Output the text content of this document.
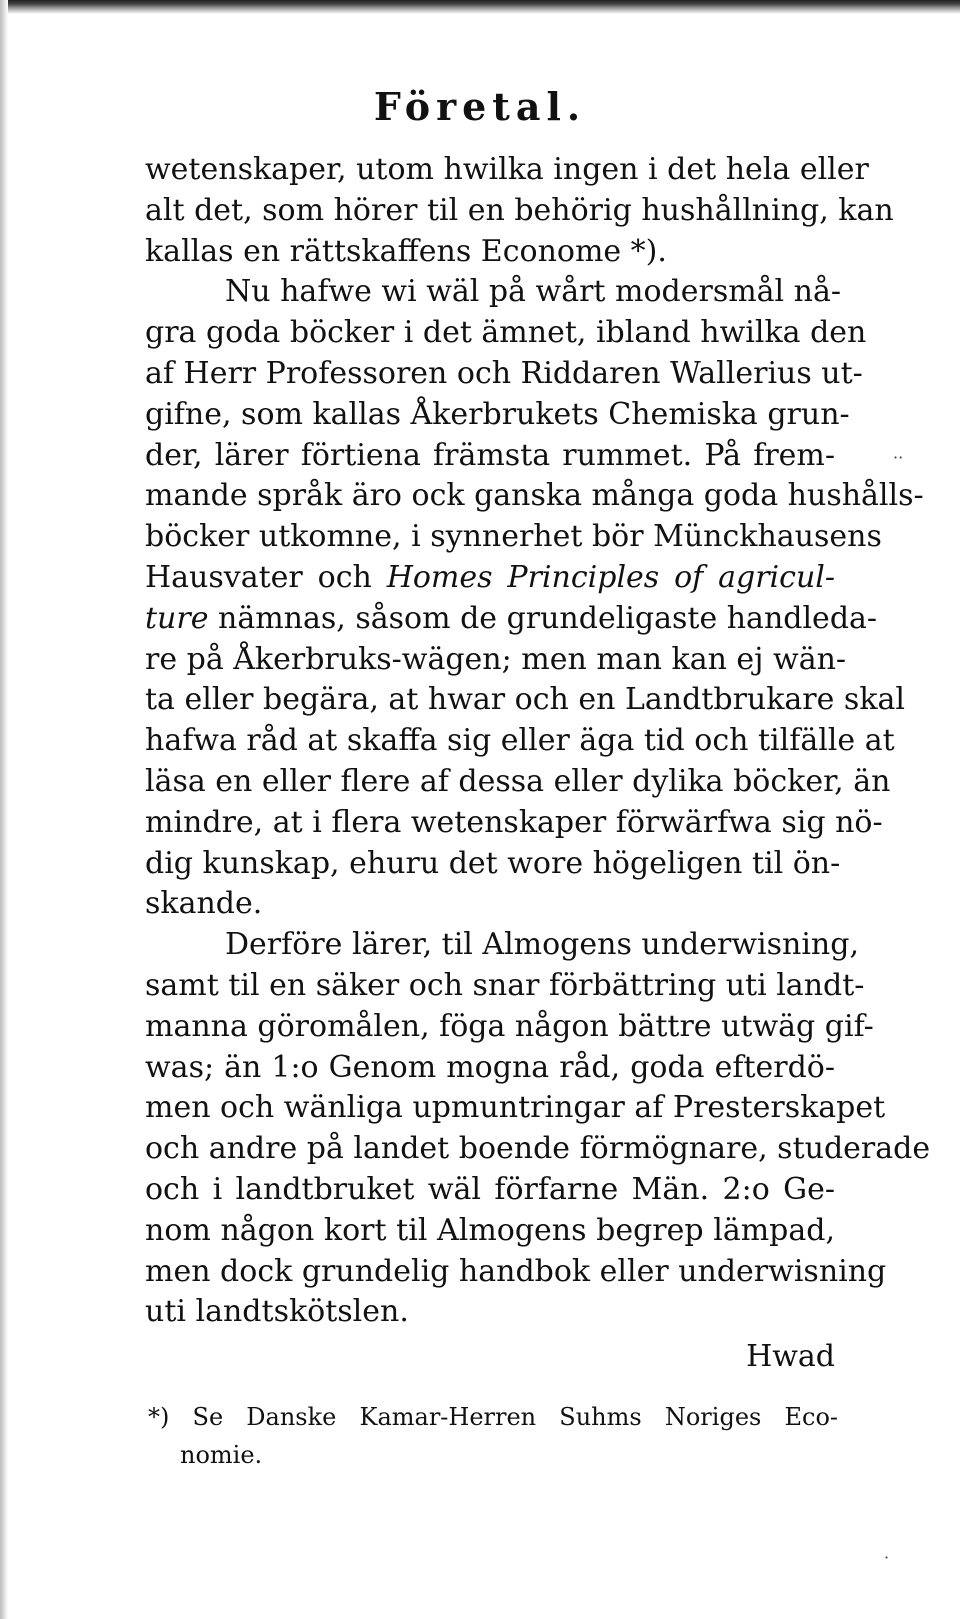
Företal.
wetenskaper, utom hwilka ingen i det hela eller
alt det, som hörer til en behörig hushållning, kan
kallas en rättskaffens Econome *).
Nu hafwe wi wäl på wårt modersmål nå-
gra goda böcker i det ämnet, ibland hwilka den
af Herr Professoren och Riddaren Wallerius ut-
gifne, som kallas Åkerbrukets Chemiska grun-
der, lärer förtiena främsta rummet. På frem-
mande språk äro ock ganska många goda hushålls-
böcker utkomne, i synnerhet bör Münckhausens
Hausvater och Homes Principles of agricul-
ture nämnas, såsom de grundeligaste handleda-
re på Åkerbruks-wägen; men man kan ej wän-
ta eller begära, at hwar och en Landtbrukare skal
hafwa råd at skaffa sig eller äga tid och tilfälle at
läsa en eller flere af dessa eller dylika böcker, än
mindre, at i flera wetenskaper förwärfwa sig nö-
dig kunskap, ehuru det wore högeligen til ön-
skande.
Derföre lärer, til Almogens underwisning,
samt til en säker och snar förbättring uti landt-
manna göromålen, föga någon bättre utwäg gif-
was; än 1:o Genom mogna råd, goda efterdö-
men och wänliga upmuntringar af Presterskapet
och andre på landet boende förmögnare, studerade
och i landtbruket wäl förfarne Män. 2:o Ge-
nom någon kort til Almogens begrep lämpad,
men dock grundelig handbok eller underwisning
uti landtskötslen.
Hwad
*) Se Danske Kamar-Herren Suhms Noriges Eco-
nomie.
··
·
